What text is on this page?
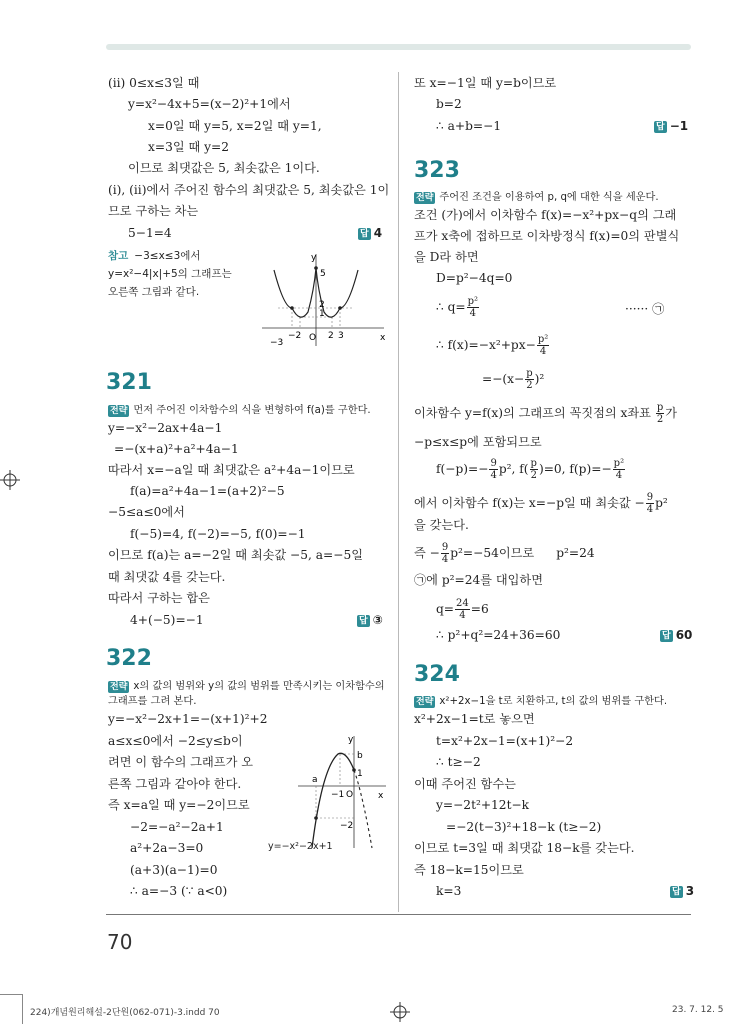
(ⅱ) 0≤x≤3일 때
y=x²−4x+5=(x−2)²+1에서
x=0일 때 y=5, x=2일 때 y=1,
x=3일 때 y=2
이므로 최댓값은 5, 최솟값은 1이다.
(ⅰ), (ⅱ)에서 주어진 함수의 최댓값은 5, 최솟값은 1이
므로 구하는 차는
5−1=4	답 4
참고 −3≤x≤3에서
y=x²−4|x|+5의 그래프는
오른쪽 그림과 같다.
y
x
5
2
1
O
−3
−2	2 3
321
전략 먼저 주어진 이차함수의 식을 변형하여 f(a)를 구한다.
y=−x²−2ax+4a−1
=−(x+a)²+a²+4a−1
따라서 x=−a일 때 최댓값은 a²+4a−1이므로
f(a)=a²+4a−1=(a+2)²−5
−5≤a≤0에서
f(−5)=4, f(−2)=−5, f(0)=−1
이므로 f(a)는 a=−2일 때 최솟값 −5, a=−5일
때 최댓값 4를 갖는다.
따라서 구하는 합은
4+(−5)=−1	답 ③
322
전략 x의 값의 범위와 y의 값의 범위를 만족시키는 이차함수의
그래프를 그려 본다.
y=−x²−2x+1=−(x+1)²+2
a≤x≤0에서 −2≤y≤b이
려면 이 함수의 그래프가 오
른쪽 그림과 같아야 한다.
즉 x=a일 때 y=−2이므로
−2=−a²−2a+1
a²+2a−3=0
(a+3)(a−1)=0
∴ a=−3 (∵ a<0)
y
b
1
a
−1 O	x
−2
y=−x²−2x+1
또 x=−1일 때 y=b이므로
b=2
∴ a+b=−1	답 −1
323
전략 주어진 조건을 이용하여 p, q에 대한 식을 세운다.
조건 (가)에서 이차함수 f(x)=−x²+px−q의 그래
프가 x축에 접하므로 이차방정식 f(x)=0의 판별식
을 D라 하면
D=p²−4q=0
∴ $q= \frac{\text{p²}}{4}$	······ ㉠
∴ $f(x)=-x^2+px- \frac{\text{p²}}{4}$
$=-(x- \frac{p}{2} )^2$
이차함수 y=f(x)의 그래프의 꼭짓점의 x좌표 $\frac{p}{2}$ 가
−p≤x≤p에 포함되므로
$f(-p)=- \frac{9}{4} p^2$, $f( \frac{p}{2} )=0$, $f(p)=- \frac{\text{p²}}{4}$
에서 이차함수 f(x)는 x=−p일 때 최솟값 − $\frac{9}{4} p^2$
을 갖는다.
즉 − $\frac{9}{4} p^2=-54$이므로 p²=24
㉠에 p²=24를 대입하면
$q= \frac{24}{4} =6$
∴ p²+q²=24+36=60	답 60
324
전략 x²+2x−1을 t로 치환하고, t의 값의 범위를 구한다.
x²+2x−1=t로 놓으면
t=x²+2x−1=(x+1)²−2
∴ t≥−2
이때 주어진 함수는
y=−2t²+12t−k
=−2(t−3)²+18−k (t≥−2)
이므로 t=3일 때 최댓값 18−k를 갖는다.
즉 18−k=15이므로
k=3	답 3
70
224)개념원리해설-2단원(062-071)-3.indd 70	23. 7. 12. 5
